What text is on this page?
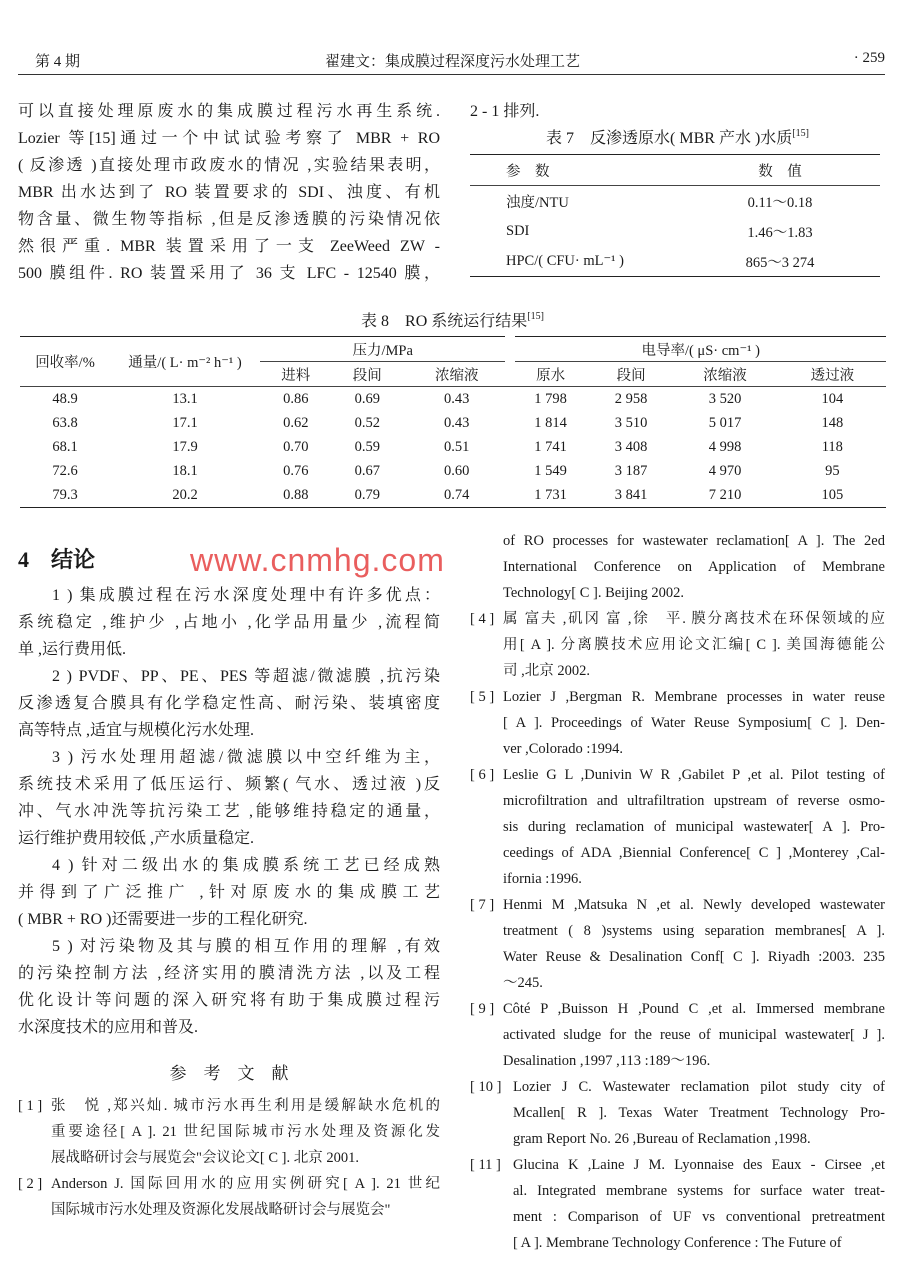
第 4 期	翟建文：集成膜过程深度污水处理工艺	· 259
可以直接处理原废水的集成膜过程污水再生系统.
Lozier 等[15]通过一个中试试验考察了 MBR + RO
( 反渗透 )直接处理市政废水的情况 ,实验结果表明，
MBR 出水达到了 RO 装置要求的 SDI、浊度、有机
物含量、微生物等指标 ,但是反渗透膜的污染情况依
然很严重. MBR 装置采用了一支 ZeeWeed ZW -
500 膜组件. RO 装置采用了 36 支 LFC - 12540 膜，
2 - 1 排列.
表 7　反渗透原水( MBR 产水 )水质[15]
参　数	数　值
浊度/NTU	0.11～0.18
SDI	1.46～1.83
HPC/( CFU· mL⁻¹ )	865～3 274
表 8　RO 系统运行结果[15]
回收率/%	通量/( L· m⁻² h⁻¹ )	压力/MPa			电导率/( μS· cm⁻¹ )			
		进料	段间	浓缩液	原水	段间	浓缩液	透过液
48.9	13.1	0.86	0.69	0.43	1 798	2 958	3 520	104
63.8	17.1	0.62	0.52	0.43	1 814	3 510	5 017	148
68.1	17.9	0.70	0.59	0.51	1 741	3 408	4 998	118
72.6	18.1	0.76	0.67	0.60	1 549	3 187	4 970	95
79.3	20.2	0.88	0.79	0.74	1 731	3 841	7 210	105
4 结论
1 ) 集成膜过程在污水深度处理中有许多优点：
系统稳定 ,维护少 ,占地小 ,化学品用量少 ,流程简
单 ,运行费用低.
2 ) PVDF、PP、PE、PES 等超滤/微滤膜 ,抗污染
反渗透复合膜具有化学稳定性高、耐污染、装填密度
高等特点 ,适宜与规模化污水处理.
3 ) 污水处理用超滤/微滤膜以中空纤维为主，
系统技术采用了低压运行、频繁( 气水、透过液 )反
冲、气水冲洗等抗污染工艺 ,能够维持稳定的通量，
运行维护费用较低 ,产水质量稳定.
4 ) 针对二级出水的集成膜系统工艺已经成熟
并得到了广泛推广 ,针对原废水的集成膜工艺
( MBR + RO )还需要进一步的工程化研究.
5 ) 对污染物及其与膜的相互作用的理解 ,有效
的污染控制方法 ,经济实用的膜清洗方法 ,以及工程
优化设计等问题的深入研究将有助于集成膜过程污
水深度技术的应用和普及.
参　考　文　献
[ 1 ] 张　悦 ,郑兴灿. 城市污水再生利用是缓解缺水危机的
重要途径[ A ]. 21 世纪国际城市污水处理及资源化发
展战略研讨会与展览会"会议论文[ C ]. 北京 2001.
[ 2 ] Anderson J. 国际回用水的应用实例研究[ A ]. 21 世纪
国际城市污水处理及资源化发展战略研讨会与展览会"
of RO processes for wastewater reclamation[ A ]. The 2ed
International Conference on Application of Membrane
Technology[ C ]. Beijing 2002.
[ 4 ] 属 富夫 ,矶冈 富 ,徐　平. 膜分离技术在环保领域的应
用[ A ]. 分离膜技术应用论文汇编[ C ]. 美国海德能公
司 ,北京 2002.
[ 5 ] Lozier J ,Bergman R. Membrane processes in water reuse
[ A ]. Proceedings of Water Reuse Symposium[ C ]. Den-
ver ,Colorado :1994.
[ 6 ] Leslie G L ,Dunivin W R ,Gabilet P ,et al. Pilot testing of
microfiltration and ultrafiltration upstream of reverse osmo-
sis during reclamation of municipal wastewater[ A ]. Pro-
ceedings of ADA ,Biennial Conference[ C ] ,Monterey ,Cal-
ifornia :1996.
[ 7 ] Henmi M ,Matsuka N ,et al. Newly developed wastewater
treatment ( 8 )systems using separation membranes[ A ].
Water Reuse & Desalination Conf[ C ]. Riyadh :2003. 235
～245.
[ 9 ] Côté P ,Buisson H ,Pound C ,et al. Immersed membrane
activated sludge for the reuse of municipal wastewater[ J ].
Desalination ,1997 ,113 :189～196.
[ 10 ] Lozier J C. Wastewater reclamation pilot study city of
Mcallen[ R ]. Texas Water Treatment Technology Pro-
gram Report No. 26 ,Bureau of Reclamation ,1998.
[ 11 ] Glucina K ,Laine J M. Lyonnaise des Eaux - Cirsee ,et
al. Integrated membrane systems for surface water treat-
ment : Comparison of UF vs conventional pretreatment
[ A ]. Membrane Technology Conference : The Future of
www.cnmhg.com
